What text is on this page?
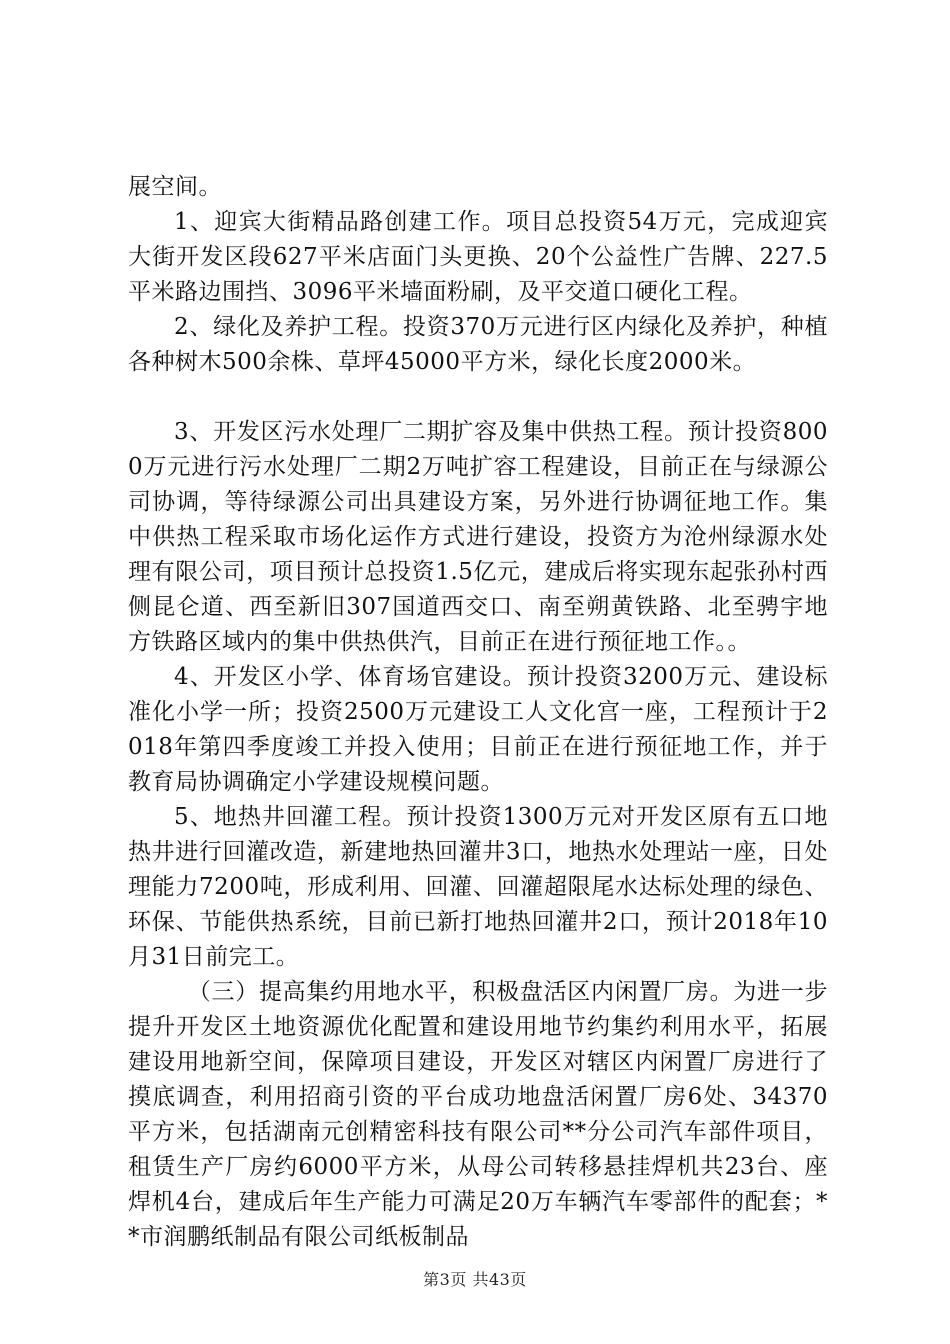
展空间。

1、迎宾大街精品路创建工作。项目总投资54万元，完成迎宾大街开发区段627平米店面门头更换、20个公益性广告牌、227.5平米路边围挡、3096平米墙面粉刷，及平交道口硬化工程。

2、绿化及养护工程。投资370万元进行区内绿化及养护，种植各种树木500余株、草坪45000平方米，绿化长度2000米。

3、开发区污水处理厂二期扩容及集中供热工程。预计投资8000万元进行污水处理厂二期2万吨扩容工程建设，目前正在与绿源公司协调，等待绿源公司出具建设方案，另外进行协调征地工作。集中供热工程采取市场化运作方式进行建设，投资方为沧州绿源水处理有限公司，项目预计总投资1.5亿元，建成后将实现东起张孙村西侧昆仑道、西至新旧307国道西交口、南至朔黄铁路、北至骋宇地方铁路区域内的集中供热供汽，目前正在进行预征地工作。。

4、开发区小学、体育场官建设。预计投资3200万元、建设标准化小学一所；投资2500万元建设工人文化宫一座，工程预计于2018年第四季度竣工并投入使用；目前正在进行预征地工作，并于教育局协调确定小学建设规模问题。

5、地热井回灌工程。预计投资1300万元对开发区原有五口地热井进行回灌改造，新建地热回灌井3口，地热水处理站一座，日处理能力7200吨，形成利用、回灌、回灌超限尾水达标处理的绿色、环保、节能供热系统，目前已新打地热回灌井2口，预计2018年10月31日前完工。

（三）提高集约用地水平，积极盘活区内闲置厂房。为进一步提升开发区土地资源优化配置和建设用地节约集约利用水平，拓展建设用地新空间，保障项目建设，开发区对辖区内闲置厂房进行了摸底调查，利用招商引资的平台成功地盘活闲置厂房6处、34370平方米，包括湖南元创精密科技有限公司**分公司汽车部件项目，租赁生产厂房约6000平方米，从母公司转移悬挂焊机共23台、座焊机4台，建成后年生产能力可满足20万车辆汽车零部件的配套；**市润鹏纸制品有限公司纸板制品

第3页 共43页
